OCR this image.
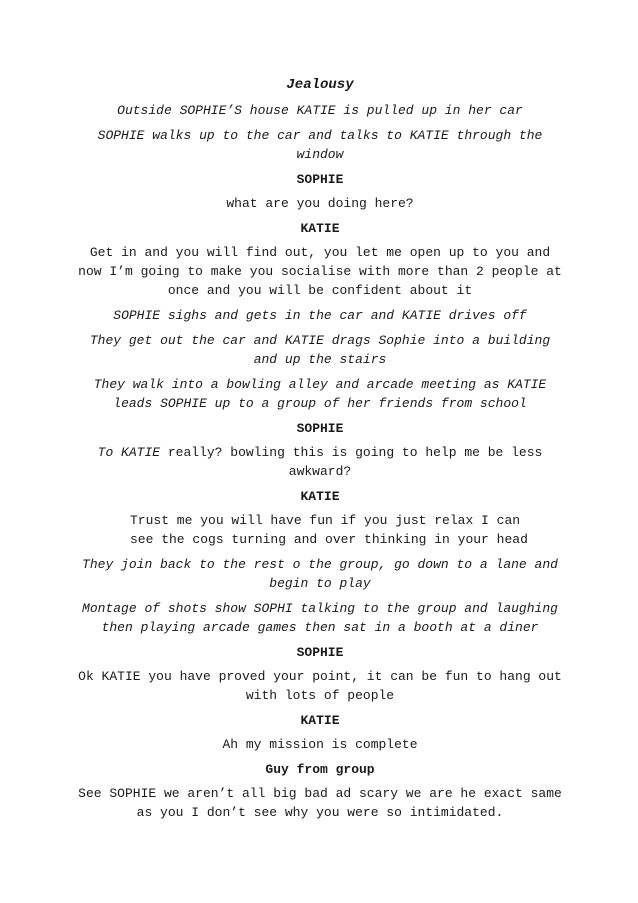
Jealousy
Outside SOPHIE’S house KATIE is pulled up in her car
SOPHIE walks up to the car and talks to KATIE through the window
SOPHIE
what are you doing here?
KATIE
Get in and you will find out, you let me open up to you and now I’m going to make you socialise with more than 2 people at once and you will be confident about it
SOPHIE sighs and gets in the car and KATIE drives off
They get out the car and KATIE drags Sophie into a building and up the stairs
They walk into a bowling alley and arcade meeting as KATIE leads SOPHIE up to a group of her friends from school
SOPHIE
To KATIE really? bowling this is going to help me be less awkward?
KATIE
Trust me you will have fun if you just relax I can see the cogs turning and over thinking in your head
They join back to the rest o the group, go down to a lane and begin to play
Montage of shots show SOPHI talking to the group and laughing then playing arcade games then sat in a booth at a diner
SOPHIE
Ok KATIE you have proved your point, it can be fun to hang out with lots of people
KATIE
Ah my mission is complete
Guy from group
See SOPHIE we aren’t all big bad ad scary we are he exact same as you I don’t see why you were so intimidated.
